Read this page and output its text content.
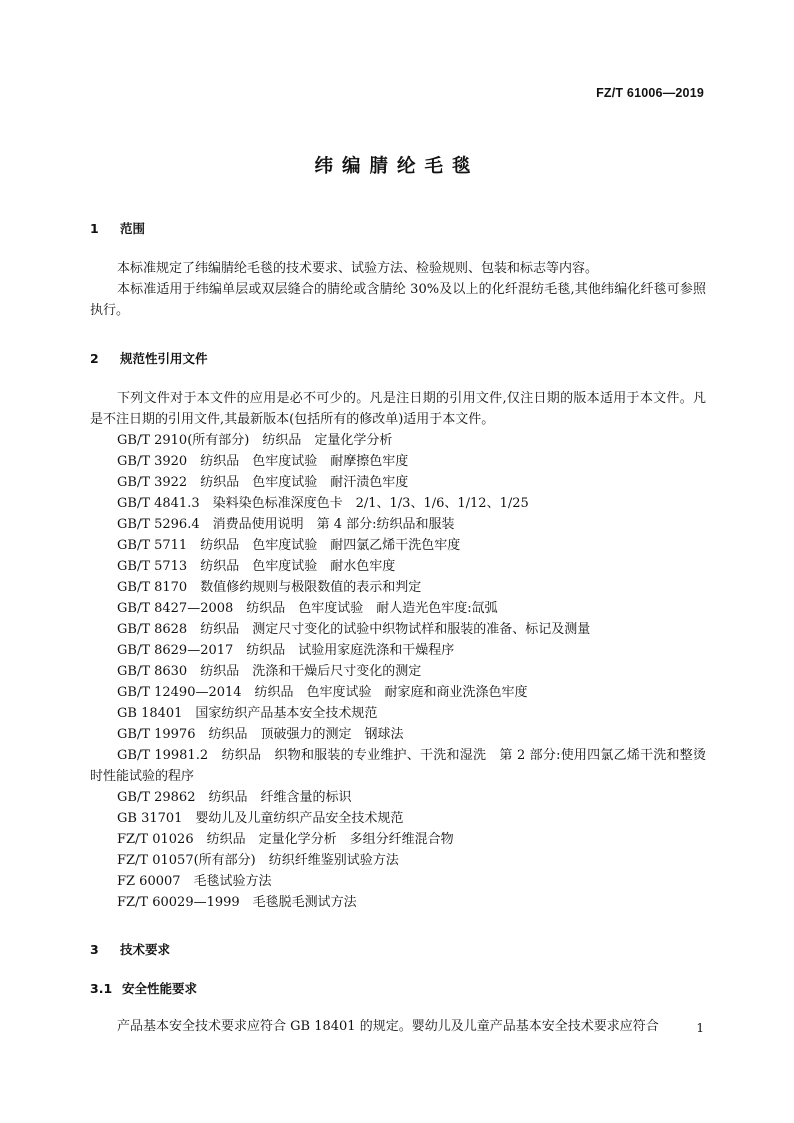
FZ/T 61006—2019
纬编腈纶毛毯
1 范围

本标准规定了纬编腈纶毛毯的技术要求、试验方法、检验规则、包装和标志等内容。

本标准适用于纬编单层或双层缝合的腈纶或含腈纶 30%及以上的化纤混纺毛毯,其他纬编化纤毯可参照执行。

2 规范性引用文件

下列文件对于本文件的应用是必不可少的。凡是注日期的引用文件,仅注日期的版本适用于本文件。凡是不注日期的引用文件,其最新版本(包括所有的修改单)适用于本文件。

GB/T 2910(所有部分)　纺织品　定量化学分析

GB/T 3920　纺织品　色牢度试验　耐摩擦色牢度

GB/T 3922　纺织品　色牢度试验　耐汗渍色牢度

GB/T 4841.3　染料染色标准深度色卡　2/1、1/3、1/6、1/12、1/25

GB/T 5296.4　消费品使用说明　第 4 部分:纺织品和服装

GB/T 5711　纺织品　色牢度试验　耐四氯乙烯干洗色牢度

GB/T 5713　纺织品　色牢度试验　耐水色牢度

GB/T 8170　数值修约规则与极限数值的表示和判定

GB/T 8427—2008　纺织品　色牢度试验　耐人造光色牢度:氙弧

GB/T 8628　纺织品　测定尺寸变化的试验中织物试样和服装的准备、标记及测量

GB/T 8629—2017　纺织品　试验用家庭洗涤和干燥程序

GB/T 8630　纺织品　洗涤和干燥后尺寸变化的测定

GB/T 12490—2014　纺织品　色牢度试验　耐家庭和商业洗涤色牢度

GB 18401　国家纺织产品基本安全技术规范

GB/T 19976　纺织品　顶破强力的测定　钢球法

GB/T 19981.2　纺织品　织物和服装的专业维护、干洗和湿洗　第 2 部分:使用四氯乙烯干洗和整烫时性能试验的程序

GB/T 29862　纺织品　纤维含量的标识

GB 31701　婴幼儿及儿童纺织产品安全技术规范

FZ/T 01026　纺织品　定量化学分析　多组分纤维混合物

FZ/T 01057(所有部分)　纺织纤维鉴别试验方法

FZ 60007　毛毯试验方法

FZ/T 60029—1999　毛毯脱毛测试方法

3 技术要求
3.1 安全性能要求

产品基本安全技术要求应符合 GB 18401 的规定。婴幼儿及儿童产品基本安全技术要求应符合	1
